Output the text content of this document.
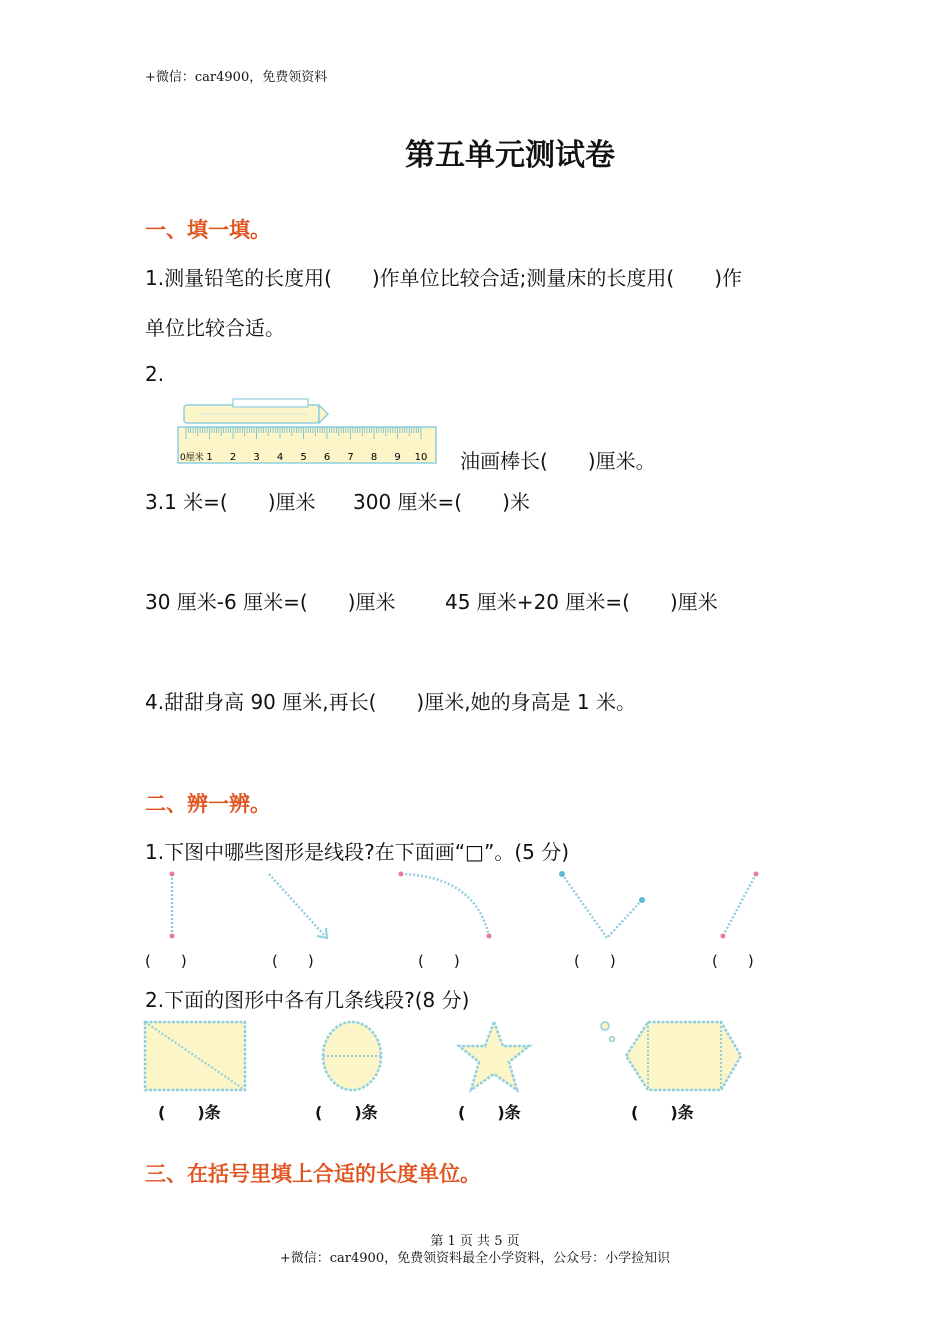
+微信：car4900，免费领资料
第五单元测试卷
一、填一填。
1.测量铅笔的长度用(　　)作单位比较合适;测量床的长度用(　　)作
单位比较合适。
2.
0厘米 1 2 3 4 5 6 7 8 9 10 油画棒长(　　)厘米。
3.1 米=(　　)厘米 300 厘米=(　　)米
30 厘米-6 厘米=(　　)厘米 45 厘米+20 厘米=(　　)厘米
4.甜甜身高 90 厘米,再长(　　)厘米,她的身高是 1 米。
二、辨一辨。
1.下图中哪些图形是线段?在下面画“□”。(5 分)
(　　)	(　　)	(　　)	(　　)	(　　)
2.下面的图形中各有几条线段?(8 分)
(　　)条	(　　)条	(　　)条	(　　)条
三、在括号里填上合适的长度单位。
第 1 页 共 5 页
+微信：car4900，免费领资料最全小学资料，公众号：小学捡知识
